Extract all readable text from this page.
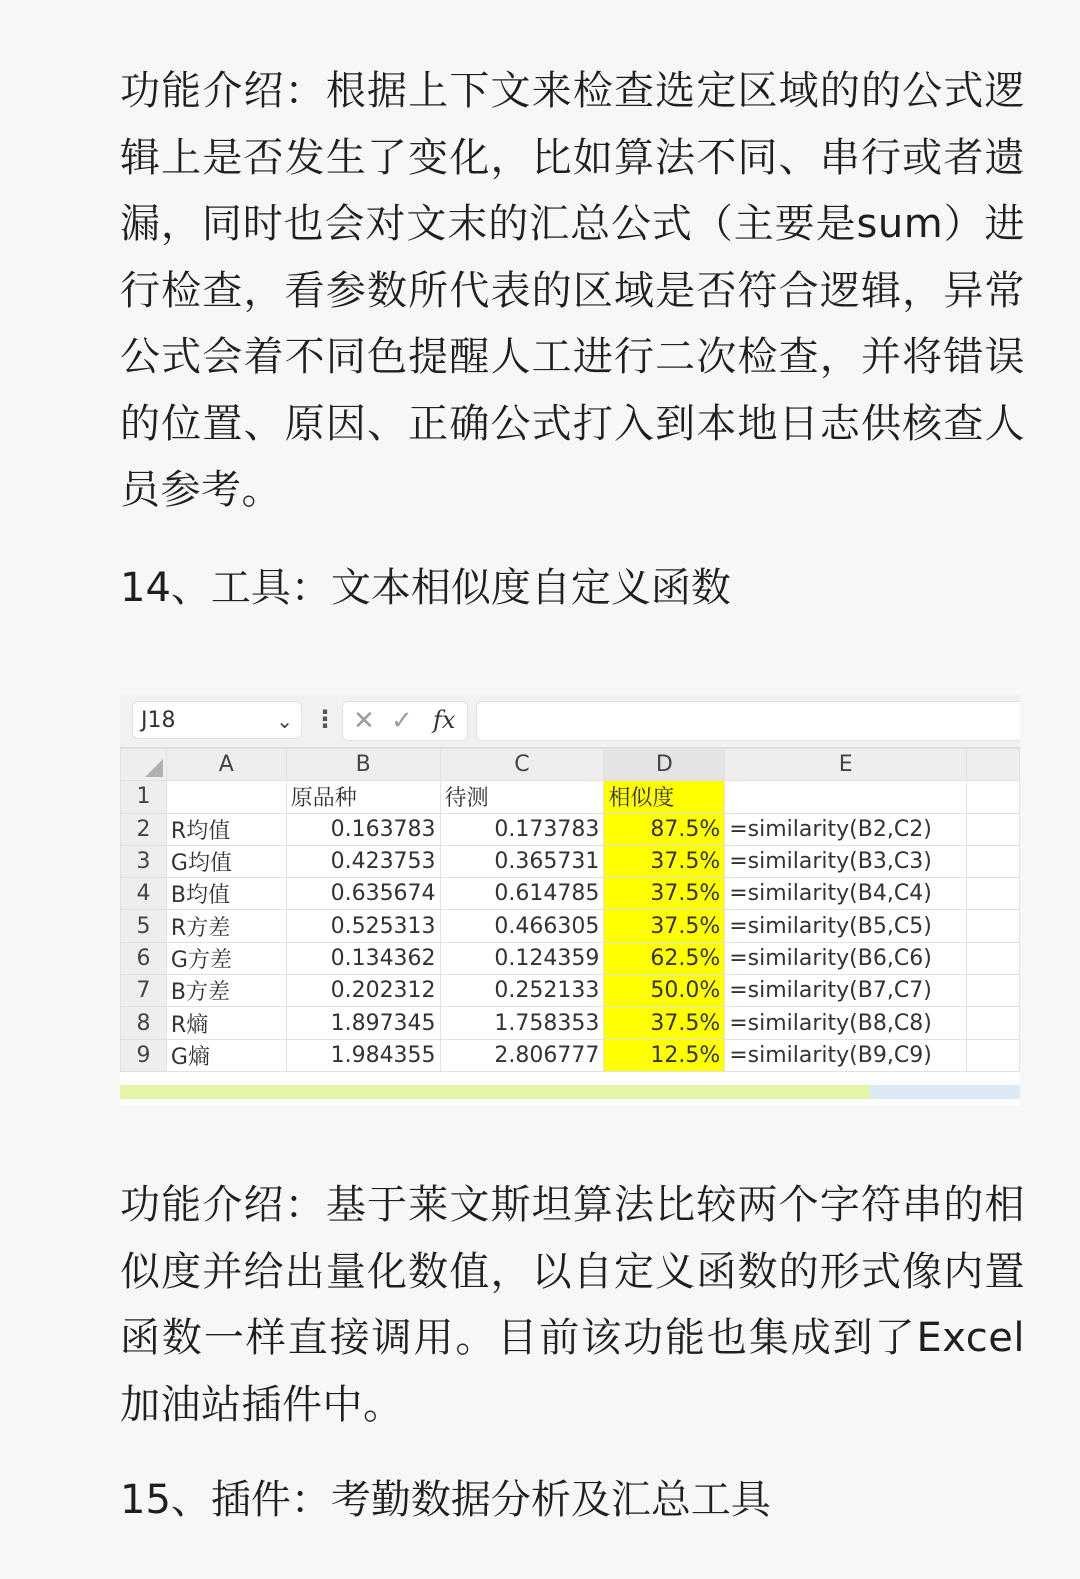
功能介绍：根据上下文来检查选定区域的的公式逻辑上是否发生了变化，比如算法不同、串行或者遗漏，同时也会对文末的汇总公式（主要是sum）进行检查，看参数所代表的区域是否符合逻辑，异常公式会着不同色提醒人工进行二次检查，并将错误的位置、原因、正确公式打入到本地日志供核查人员参考。

14、工具：文本相似度自定义函数

J18	⌄ ⋮ ✕ ✓ fx
	A	B	C	D	E	
1		原品种	待测	相似度		
2	R均值	0.163783	0.173783	87.5%	=similarity(B2,C2)	
3	G均值	0.423753	0.365731	37.5%	=similarity(B3,C3)	
4	B均值	0.635674	0.614785	37.5%	=similarity(B4,C4)	
5	R方差	0.525313	0.466305	37.5%	=similarity(B5,C5)	
6	G方差	0.134362	0.124359	62.5%	=similarity(B6,C6)	
7	B方差	0.202312	0.252133	50.0%	=similarity(B7,C7)	
8	R熵	1.897345	1.758353	37.5%	=similarity(B8,C8)	
9	G熵	1.984355	2.806777	12.5%	=similarity(B9,C9)	

功能介绍：基于莱文斯坦算法比较两个字符串的相似度并给出量化数值，以自定义函数的形式像内置函数一样直接调用。目前该功能也集成到了Excel加油站插件中。

15、插件：考勤数据分析及汇总工具
